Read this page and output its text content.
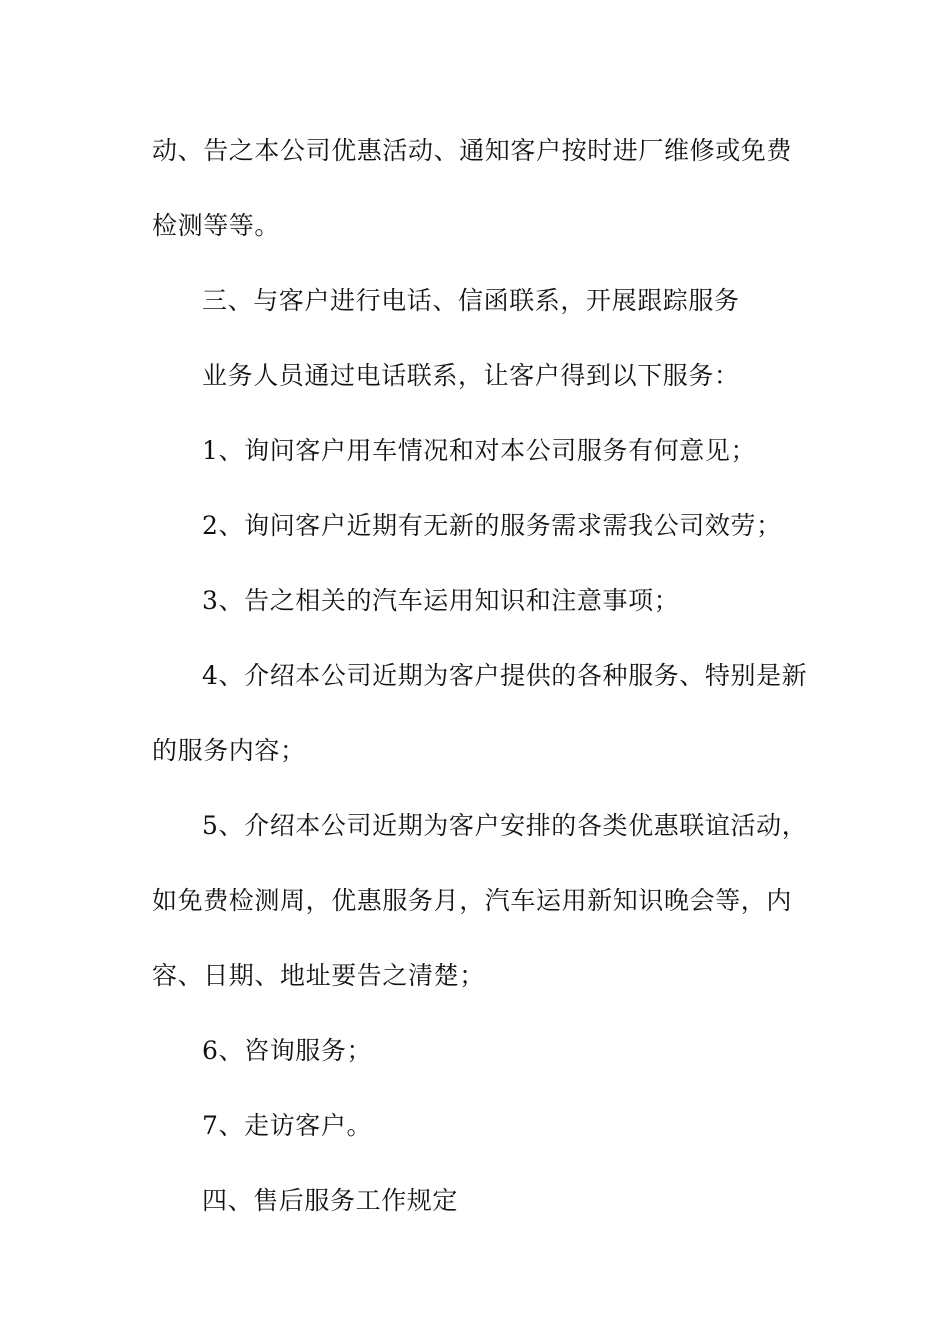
动、告之本公司优惠活动、通知客户按时进厂维修或免费
检测等等。
三、与客户进行电话、信函联系，开展跟踪服务
业务人员通过电话联系，让客户得到以下服务：
1、询问客户用车情况和对本公司服务有何意见；
2、询问客户近期有无新的服务需求需我公司效劳；
3、告之相关的汽车运用知识和注意事项；
4、介绍本公司近期为客户提供的各种服务、特别是新
的服务内容；
5、介绍本公司近期为客户安排的各类优惠联谊活动，
如免费检测周，优惠服务月，汽车运用新知识晚会等，内
容、日期、地址要告之清楚；
6、咨询服务；
7、走访客户。
四、售后服务工作规定
